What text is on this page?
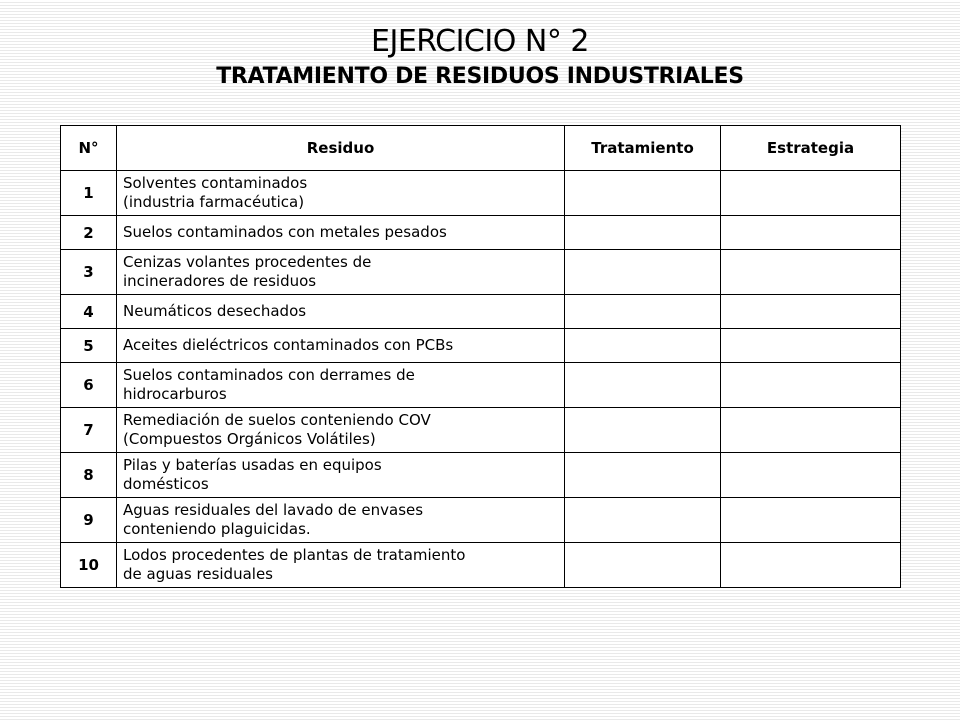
EJERCICIO N° 2
TRATAMIENTO DE RESIDUOS INDUSTRIALES
N°	Residuo	Tratamiento	Estrategia
1	Solventes contaminados
(industria farmacéutica)		
2	Suelos contaminados con metales pesados		
3	Cenizas volantes procedentes de
incineradores de residuos		
4	Neumáticos desechados		
5	Aceites dieléctricos contaminados con PCBs		
6	Suelos contaminados con derrames de
hidrocarburos		
7	Remediación de suelos conteniendo COV
(Compuestos Orgánicos Volátiles)		
8	Pilas y baterías usadas en equipos
domésticos		
9	Aguas residuales del lavado de envases
conteniendo plaguicidas.		
10	Lodos procedentes de plantas de tratamiento
de aguas residuales		
